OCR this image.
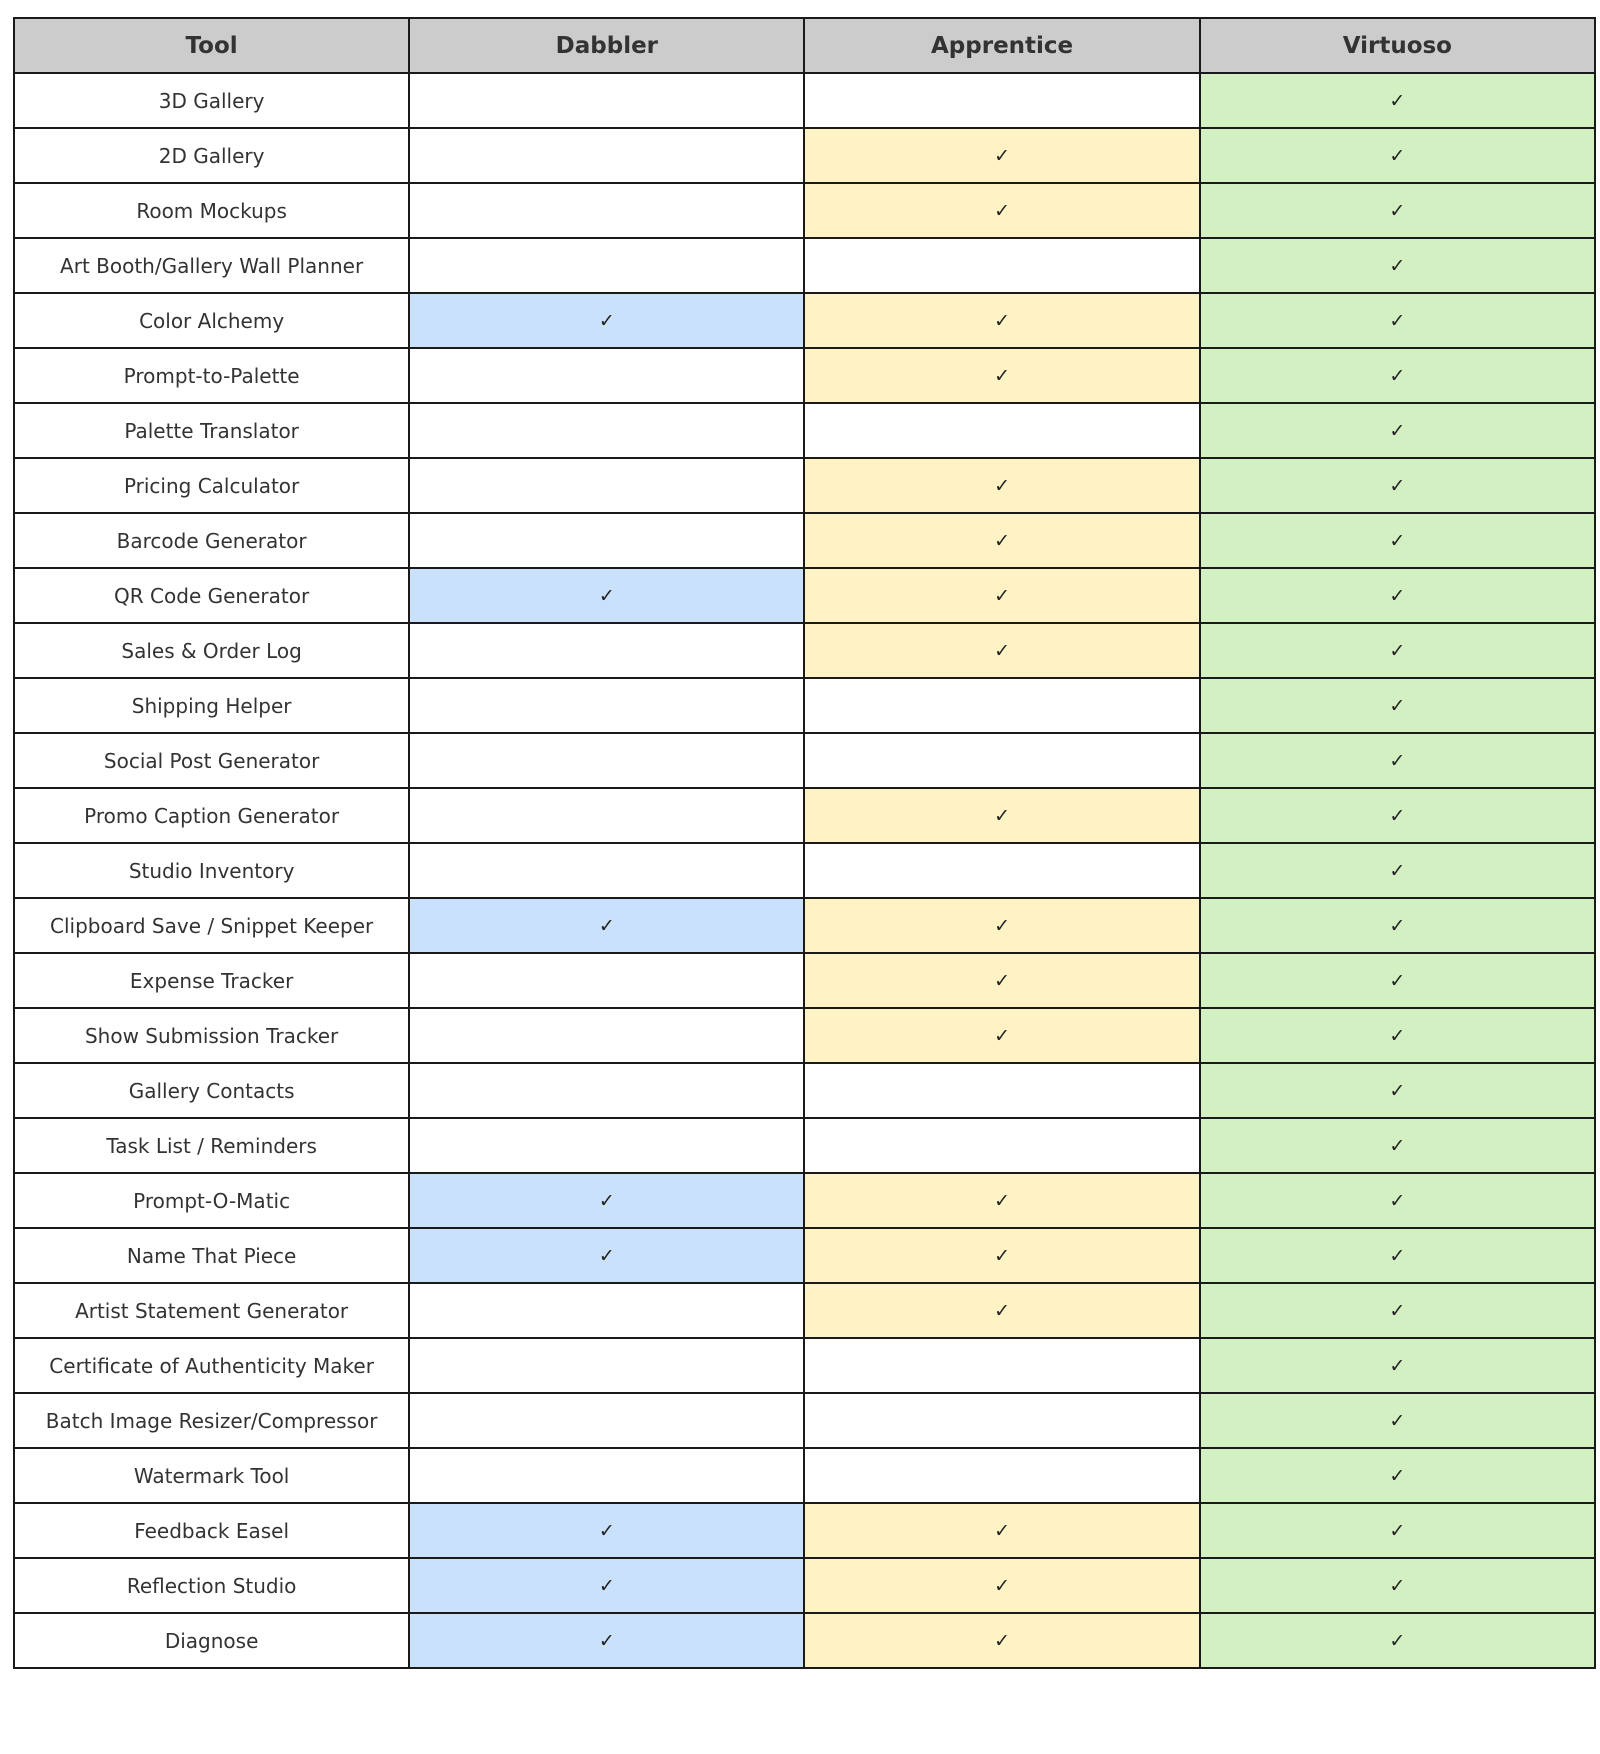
Tool	Dabbler	Apprentice	Virtuoso
3D Gallery			✓
2D Gallery		✓	✓
Room Mockups		✓	✓
Art Booth/Gallery Wall Planner			✓
Color Alchemy	✓	✓	✓
Prompt-to-Palette		✓	✓
Palette Translator			✓
Pricing Calculator		✓	✓
Barcode Generator		✓	✓
QR Code Generator	✓	✓	✓
Sales & Order Log		✓	✓
Shipping Helper			✓
Social Post Generator			✓
Promo Caption Generator		✓	✓
Studio Inventory			✓
Clipboard Save / Snippet Keeper	✓	✓	✓
Expense Tracker		✓	✓
Show Submission Tracker		✓	✓
Gallery Contacts			✓
Task List / Reminders			✓
Prompt-O-Matic	✓	✓	✓
Name That Piece	✓	✓	✓
Artist Statement Generator		✓	✓
Certificate of Authenticity Maker			✓
Batch Image Resizer/Compressor			✓
Watermark Tool			✓
Feedback Easel	✓	✓	✓
Reflection Studio	✓	✓	✓
Diagnose	✓	✓	✓
